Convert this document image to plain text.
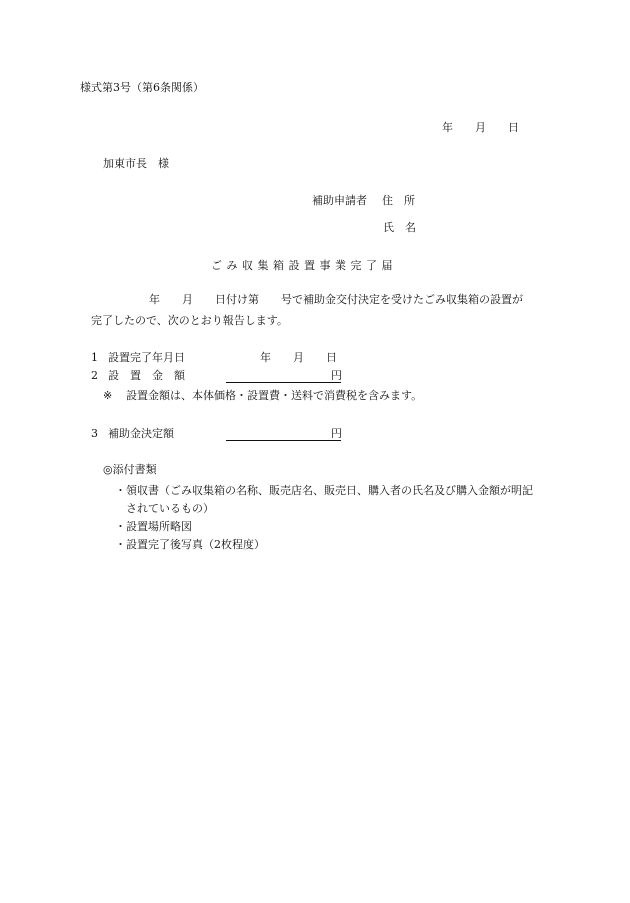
様式第3号（第6条関係）
年　　月　　日
加東市長　様
補助申請者 住　所
氏　名
ご み 収 集 箱 設 置 事 業 完 了 届
年　　月　　日付け第　　号で補助金交付決定を受けたごみ収集箱の設置が
完了したので、次のとおり報告します。
1 設置完了年月日	年　　月　　日
2 設　置　金　額	円
※ 設置金額は、本体価格・設置費・送料で消費税を含みます。
3 補助金決定額	円
◎添付書類
・領収書（ごみ収集箱の名称、販売店名、販売日、購入者の氏名及び購入金額が明記
されているもの）
・設置場所略図
・設置完了後写真（2枚程度）
